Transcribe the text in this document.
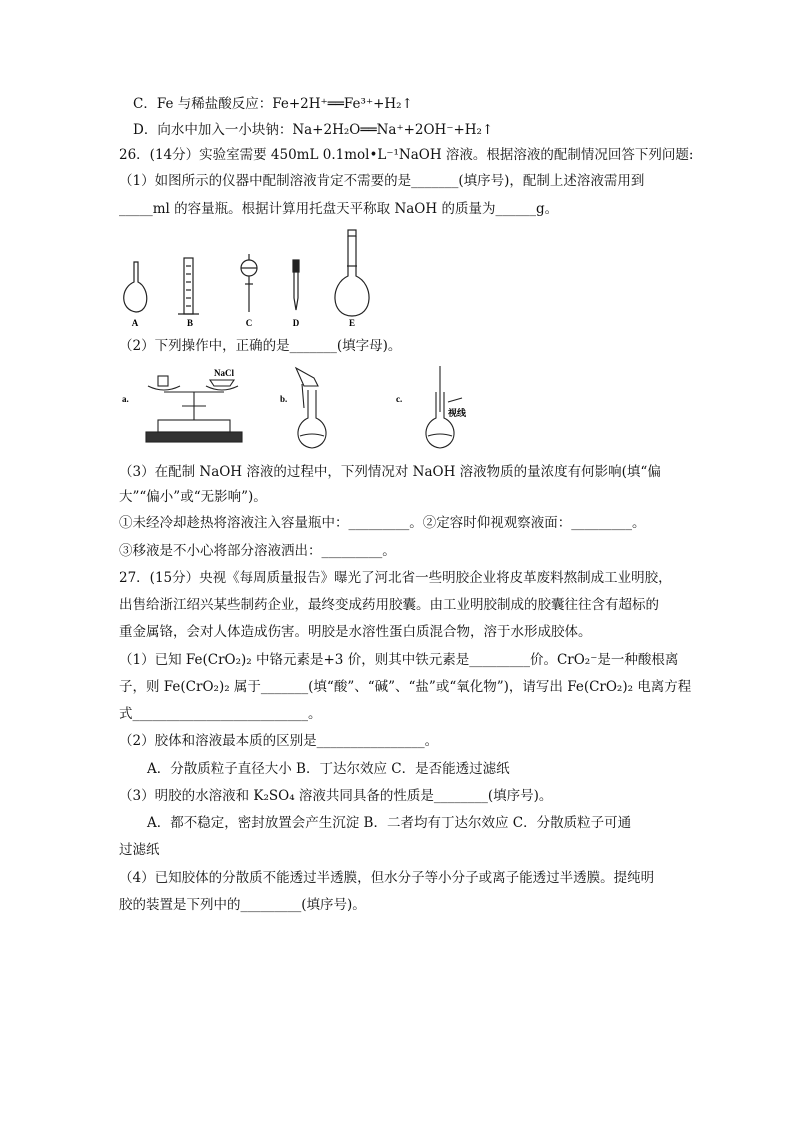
C．Fe 与稀盐酸反应：Fe+2H⁺══Fe³⁺+H₂↑
D．向水中加入一小块钠：Na+2H₂O══Na⁺+2OH⁻+H₂↑
26．(14分）实验室需要 450mL 0.1mol•L⁻¹NaOH 溶液。根据溶液的配制情况回答下列问题:
（1）如图所示的仪器中配制溶液肯定不需要的是_______(填序号)，配制上述溶液需用到
_____ml 的容量瓶。根据计算用托盘天平称取 NaOH 的质量为______g。
A	B	C	D	E
（2）下列操作中，正确的是_______(填字母)。
a.	b.	c.
NaCl
视线
（3）在配制 NaOH 溶液的过程中，下列情况对 NaOH 溶液物质的量浓度有何影响(填“偏
大”“偏小”或“无影响”)。
①未经冷却趁热将溶液注入容量瓶中：_________。②定容时仰视观察液面：_________。
③移液是不小心将部分溶液洒出：_________。
27．(15分）央视《每周质量报告》曝光了河北省一些明胶企业将皮革废料熬制成工业明胶，
出售给浙江绍兴某些制药企业，最终变成药用胶囊。由工业明胶制成的胶囊往往含有超标的
重金属铬，会对人体造成伤害。明胶是水溶性蛋白质混合物，溶于水形成胶体。
（1）已知 Fe(CrO₂)₂ 中铬元素是+3 价，则其中铁元素是_________价。CrO₂⁻是一种酸根离
子，则 Fe(CrO₂)₂ 属于_______(填“酸”、“碱”、“盐”或“氧化物”)，请写出 Fe(CrO₂)₂ 电离方程
式__________________________。
（2）胶体和溶液最本质的区别是________________。
A．分散质粒子直径大小 B．丁达尔效应 C．是否能透过滤纸
（3）明胶的水溶液和 K₂SO₄ 溶液共同具备的性质是________(填序号)。
A．都不稳定，密封放置会产生沉淀 B．二者均有丁达尔效应 C．分散质粒子可通
过滤纸
（4）已知胶体的分散质不能透过半透膜，但水分子等小分子或离子能透过半透膜。提纯明
胶的装置是下列中的_________(填序号)。
